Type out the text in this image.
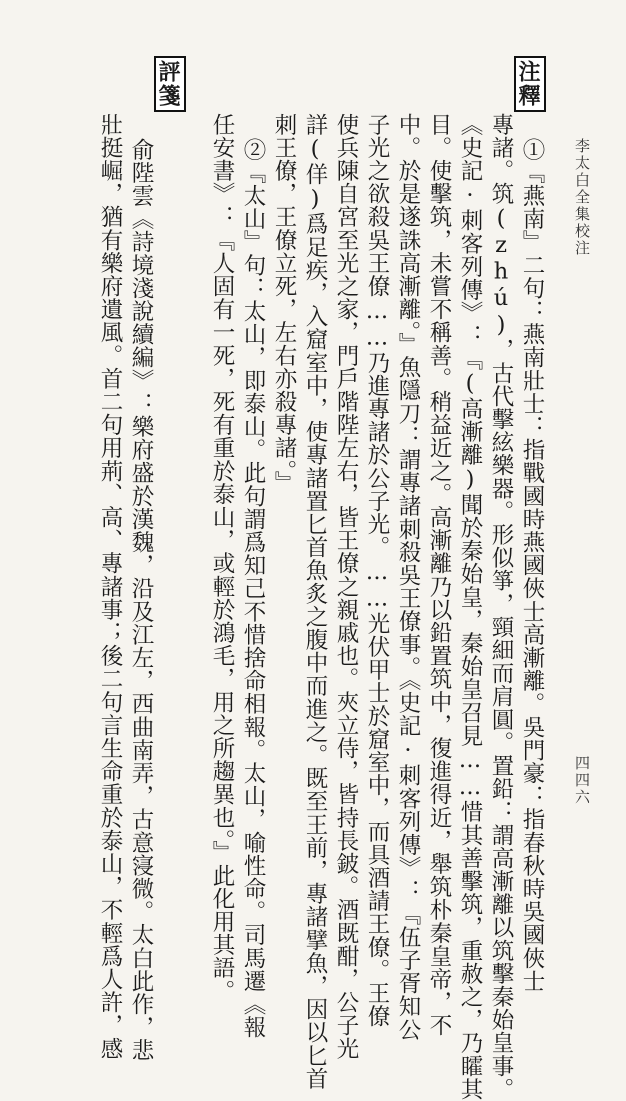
李太白全集校注
四四六
注釋
①『燕南』二句：燕南壯士：指戰國時燕國俠士高漸離。吳門豪：指春秋時吳國俠士
專諸。筑(zhú)，古代擊絃樂器。形似箏，頸細而肩圓。置鉛：謂高漸離以筑擊秦始皇事。
《史記·刺客列傳》：『(高漸離)聞於秦始皇，秦始皇召見……惜其善擊筑，重赦之，乃矐其
目。使擊筑，未嘗不稱善。稍益近之。高漸離乃以鉛置筑中，復進得近，舉筑朴秦皇帝，不
中。於是遂誅高漸離。』魚隱刀：謂專諸刺殺吳王僚事。《史記·刺客列傳》：『伍子胥知公
子光之欲殺吳王僚……乃進專諸於公子光。……光伏甲士於窟室中，而具酒請王僚。王僚
使兵陳自宮至光之家，門戶階陛左右，皆王僚之親戚也。夾立侍，皆持長鈹。酒既酣，公子光
詳(佯)爲足疾，入窟室中，使專諸置匕首魚炙之腹中而進之。既至王前，專諸擘魚，因以匕首
刺王僚，王僚立死，左右亦殺專諸。』
②『太山』句：太山，即泰山。此句謂爲知己不惜捨命相報。太山，喻性命。司馬遷《報
任安書》：『人固有一死，死有重於泰山，或輕於鴻毛，用之所趨異也。』此化用其語。
評箋
俞陛雲《詩境淺說續編》：樂府盛於漢魏，沿及江左，西曲南弄，古意寖微。太白此作，悲
壯挺崛，猶有樂府遺風。首二句用荊、高、專諸事；後二句言生命重於泰山，不輕爲人許，感
